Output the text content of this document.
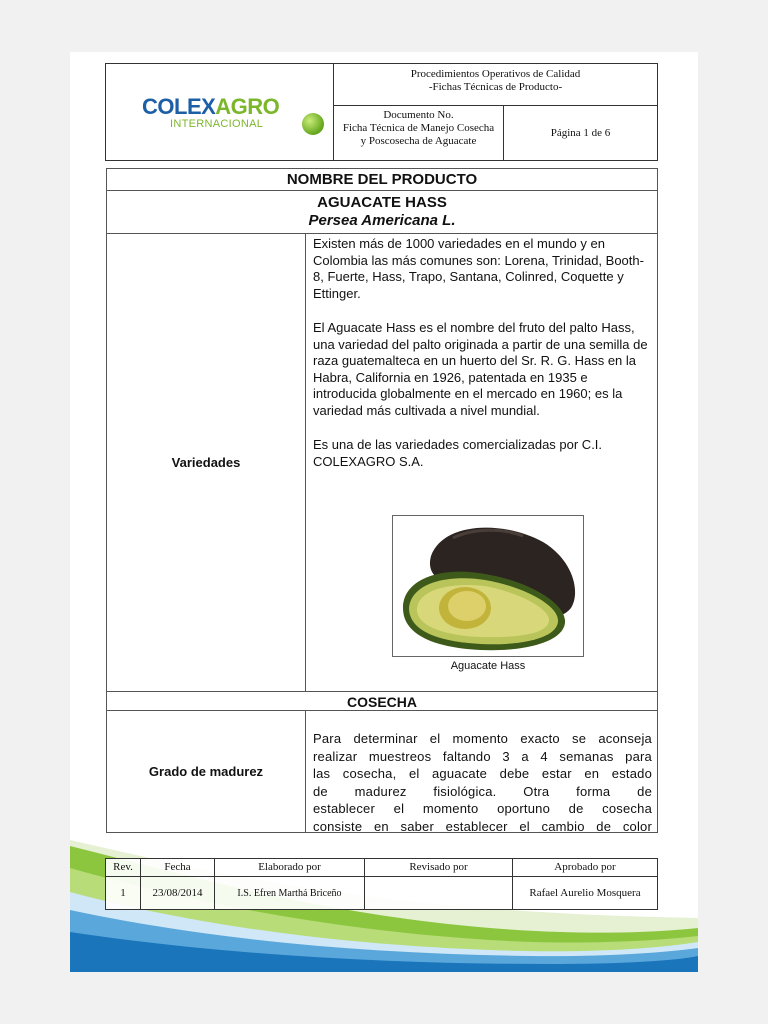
COLEXAGRO
INTERNACIONAL
Procedimientos Operativos de Calidad
-Fichas Técnicas de Producto-
Documento No.
Ficha Técnica de Manejo Cosecha
y Poscosecha de Aguacate
Página 1 de 6
NOMBRE DEL PRODUCTO
AGUACATE HASS
Persea Americana L.
Variedades

Existen más de 1000 variedades en el mundo y en Colombia las más comunes son: Lorena, Trinidad, Booth-8, Fuerte, Hass, Trapo, Santana, Colinred, Coquette y Ettinger.

El Aguacate Hass es el nombre del fruto del palto Hass, una variedad del palto originada a partir de una semilla de raza guatemalteca en un huerto del Sr. R. G. Hass en la Habra, California en 1926, patentada en 1935 e introducida globalmente en el mercado en 1960; es la variedad más cultivada a nivel mundial.

Es una de las variedades comercializadas por C.I. COLEXAGRO S.A.

Aguacate Hass
COSECHA
Grado de madurez
Para determinar el momento exacto se aconseja
realizar muestreos faltando 3 a 4 semanas para
las cosecha, el aguacate debe estar en estado
de madurez fisiológica. Otra forma de
establecer el momento oportuno de cosecha
consiste en saber establecer el cambio de color
Rev.
1
Fecha
23/08/2014
Elaborado por
I.S. Efren Marthá Briceño
Revisado por	Aprobado por
Rafael Aurelio Mosquera
